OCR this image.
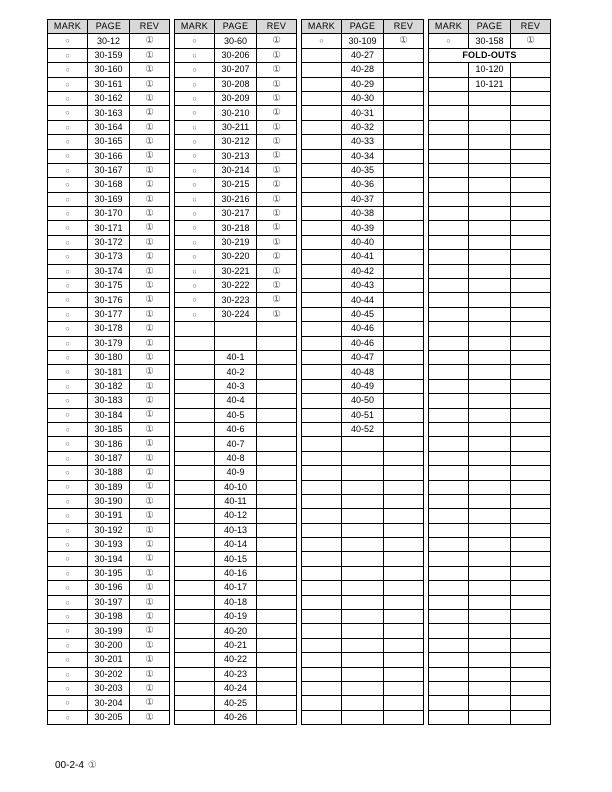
MARK	PAGE	REV
○	30-12	①
○	30-159	①
○	30-160	①
○	30-161	①
○	30-162	①
○	30-163	①
○	30-164	①
○	30-165	①
○	30-166	①
○	30-167	①
○	30-168	①
○	30-169	①
○	30-170	①
○	30-171	①
○	30-172	①
○	30-173	①
○	30-174	①
○	30-175	①
○	30-176	①
○	30-177	①
○	30-178	①
○	30-179	①
○	30-180	①
○	30-181	①
○	30-182	①
○	30-183	①
○	30-184	①
○	30-185	①
○	30-186	①
○	30-187	①
○	30-188	①
○	30-189	①
○	30-190	①
○	30-191	①
○	30-192	①
○	30-193	①
○	30-194	①
○	30-195	①
○	30-196	①
○	30-197	①
○	30-198	①
○	30-199	①
○	30-200	①
○	30-201	①
○	30-202	①
○	30-203	①
○	30-204	①
○	30-205	①
MARK	PAGE	REV
○	30-60	①
○	30-206	①
○	30-207	①
○	30-208	①
○	30-209	①
○	30-210	①
○	30-211	①
○	30-212	①
○	30-213	①
○	30-214	①
○	30-215	①
○	30-216	①
○	30-217	①
○	30-218	①
○	30-219	①
○	30-220	①
○	30-221	①
○	30-222	①
○	30-223	①
○	30-224	①

	40-1	
	40-2	
	40-3	
	40-4	
	40-5	
	40-6	
	40-7	
	40-8	
	40-9	
	40-10	
	40-11	
	40-12	
	40-13	
	40-14	
	40-15	
	40-16	
	40-17	
	40-18	
	40-19	
	40-20	
	40-21	
	40-22	
	40-23	
	40-24	
	40-25	
	40-26	
MARK	PAGE	REV
○	30-109	①
	40-27	
	40-28	
	40-29	
	40-30	
	40-31	
	40-32	
	40-33	
	40-34	
	40-35	
	40-36	
	40-37	
	40-38	
	40-39	
	40-40	
	40-41	
	40-42	
	40-43	
	40-44	
	40-45	
	40-46	
	40-46	
	40-47	
	40-48	
	40-49	
	40-50	
	40-51	
	40-52	

MARK	PAGE	REV
○	30-158	①
FOLD-OUTS		
	10-120	
	10-121	

00-2-4 ①
